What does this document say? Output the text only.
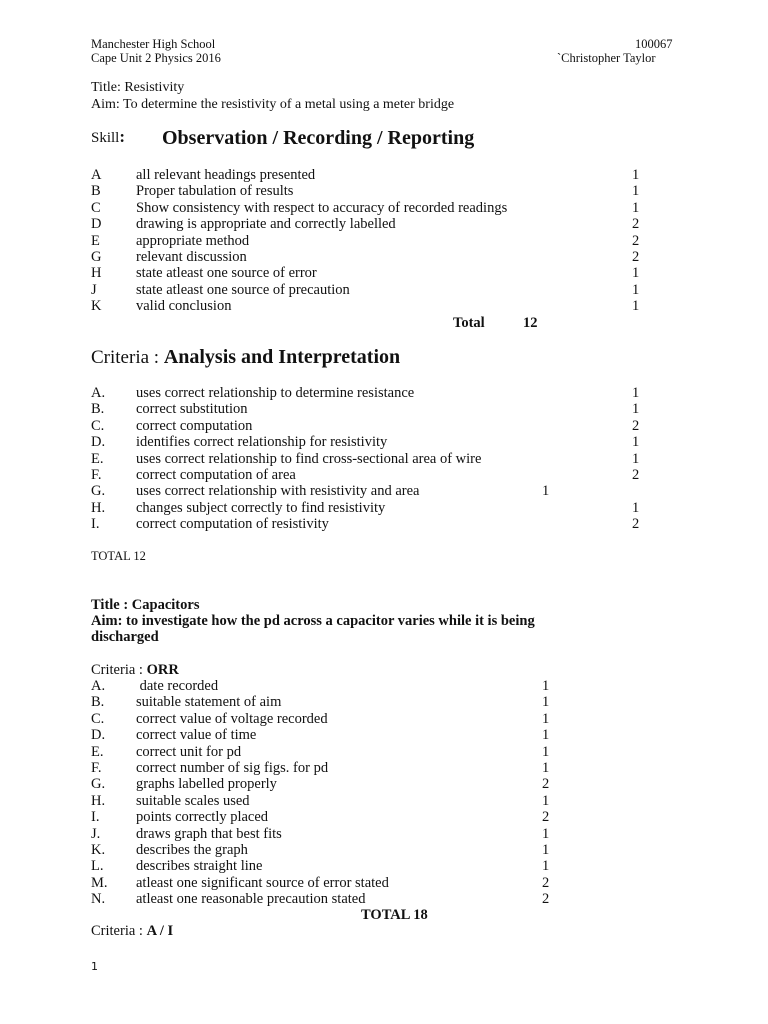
Manchester High School	100067
Cape Unit 2 Physics 2016	`Christopher Taylor
Title: Resistivity
Aim: To determine the resistivity of a metal using a meter bridge
Skill: Observation / Recording / Reporting
A all relevant headings presented	1
B Proper tabulation of results	1
C Show consistency with respect to accuracy of recorded readings	1
D drawing is appropriate and correctly labelled	2
E appropriate method	2
G relevant discussion	2
H state atleast one source of error	1
J	state atleast one source of precaution	1
K valid conclusion	1
Total	12
Criteria : Analysis and Interpretation
A. uses correct relationship to determine resistance	1
B. correct substitution	1
C. correct computation	2
D. identifies correct relationship for resistivity	1
E. uses correct relationship to find cross-sectional area of wire	1
F. correct computation of area	2
G. uses correct relationship with resistivity and area	1
H. changes subject correctly to find resistivity	1
I.	correct computation of resistivity	2
TOTAL 12
Title : Capacitors
Aim: to investigate how the pd across a capacitor varies while it is being
discharged
Criteria : ORR
A. date recorded	1
B. suitable statement of aim	1
C. correct value of voltage recorded	1
D. correct value of time	1
E. correct unit for pd	1
F. correct number of sig figs. for pd	1
G. graphs labelled properly	2
H. suitable scales used	1
I.	points correctly placed	2
J. draws graph that best fits	1
K. describes the graph	1
L. describes straight line	1
M. atleast one significant source of error stated	2
N. atleast one reasonable precaution stated	2
TOTAL 18
Criteria : A / I
1
